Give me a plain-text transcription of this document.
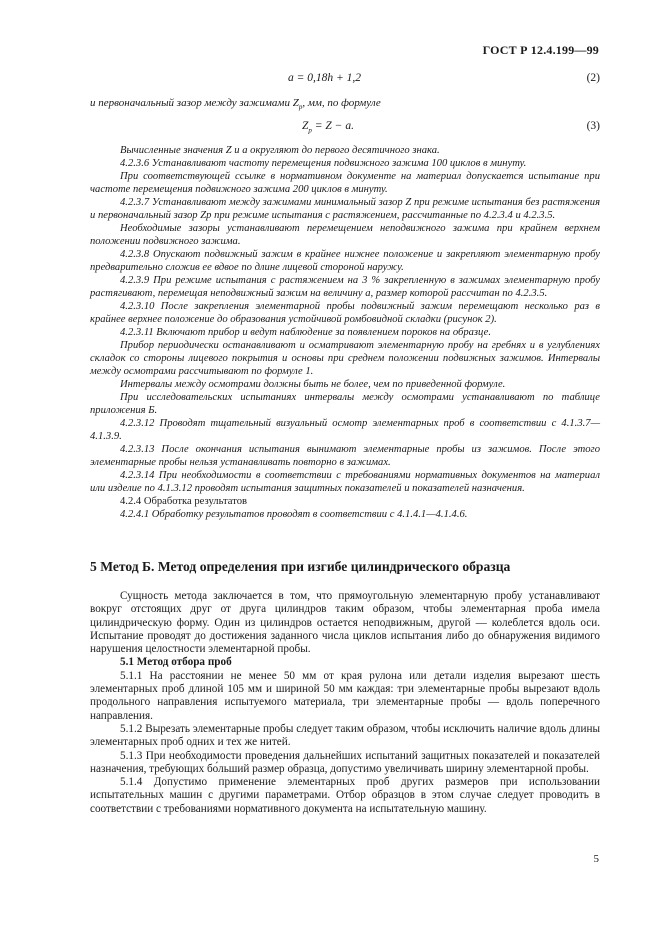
ГОСТ Р 12.4.199—99
a = 0,18h + 1,2	(2)
и первоначальный зазор между зажимами $Z_р$, мм, по формуле
$Z_р = Z - a$.	(3)

Вычисленные значения Z и a округляют до первого десятичного знака.

4.2.3.6 Устанавливают частоту перемещения подвижного зажима 100 циклов в минуту.

При соответствующей ссылке в нормативном документе на материал допускается испытание при частоте перемещения подвижного зажима 200 циклов в минуту.

4.2.3.7 Устанавливают между зажимами минимальный зазор Z при режиме испытания без растяжения и первоначальный зазор Zр при режиме испытания с растяжением, рассчитанные по 4.2.3.4 и 4.2.3.5.

Необходимые зазоры устанавливают перемещением неподвижного зажима при крайнем верхнем положении подвижного зажима.

4.2.3.8 Опускают подвижный зажим в крайнее нижнее положение и закрепляют элементарную пробу предварительно сложив ее вдвое по длине лицевой стороной наружу.

4.2.3.9 При режиме испытания с растяжением на 3 % закрепленную в зажимах элементарную пробу растягивают, перемещая неподвижный зажим на величину a, размер которой рассчитан по 4.2.3.5.

4.2.3.10 После закрепления элементарной пробы подвижный зажим перемещают несколько раз в крайнее верхнее положение до образования устойчивой ромбовидной складки (рисунок 2).

4.2.3.11 Включают прибор и ведут наблюдение за появлением пороков на образце.

Прибор периодически останавливают и осматривают элементарную пробу на гребнях и в углублениях складок со стороны лицевого покрытия и основы при среднем положении подвижных зажимов. Интервалы между осмотрами рассчитывают по формуле 1.

Интервалы между осмотрами должны быть не более, чем по приведенной формуле.

При исследовательских испытаниях интервалы между осмотрами устанавливают по таблице приложения Б.

4.2.3.12 Проводят тщательный визуальный осмотр элементарных проб в соответствии с 4.1.3.7—4.1.3.9.

4.2.3.13 После окончания испытания вынимают элементарные пробы из зажимов. После этого элементарные пробы нельзя устанавливать повторно в зажимах.

4.2.3.14 При необходимости в соответствии с требованиями нормативных документов на материал или изделие по 4.1.3.12 проводят испытания защитных показателей и показателей назначения.

4.2.4 Обработка результатов

4.2.4.1 Обработку результатов проводят в соответствии с 4.1.4.1—4.1.4.6.

5 Метод Б. Метод определения при изгибе цилиндрического образца

Сущность метода заключается в том, что прямоугольную элементарную пробу устанавливают вокруг отстоящих друг от друга цилиндров таким образом, чтобы элементарная проба имела цилиндрическую форму. Один из цилиндров остается неподвижным, другой — колеблется вдоль оси. Испытание проводят до достижения заданного числа циклов испытания либо до обнаружения видимого нарушения целостности элементарной пробы.

5.1 Метод отбора проб

5.1.1 На расстоянии не менее 50 мм от края рулона или детали изделия вырезают шесть элементарных проб длиной 105 мм и шириной 50 мм каждая: три элементарные пробы вырезают вдоль продольного направления испытуемого материала, три элементарные пробы — вдоль поперечного направления.

5.1.2 Вырезать элементарные пробы следует таким образом, чтобы исключить наличие вдоль длины элементарных проб одних и тех же нитей.

5.1.3 При необходимости проведения дальнейших испытаний защитных показателей и показателей назначения, требующих бо́льший размер образца, допустимо увеличивать ширину элементарной пробы.

5.1.4 Допустимо применение элементарных проб других размеров при использовании испытательных машин с другими параметрами. Отбор образцов в этом случае следует проводить в соответствии с требованиями нормативного документа на испытательную машину.

5
